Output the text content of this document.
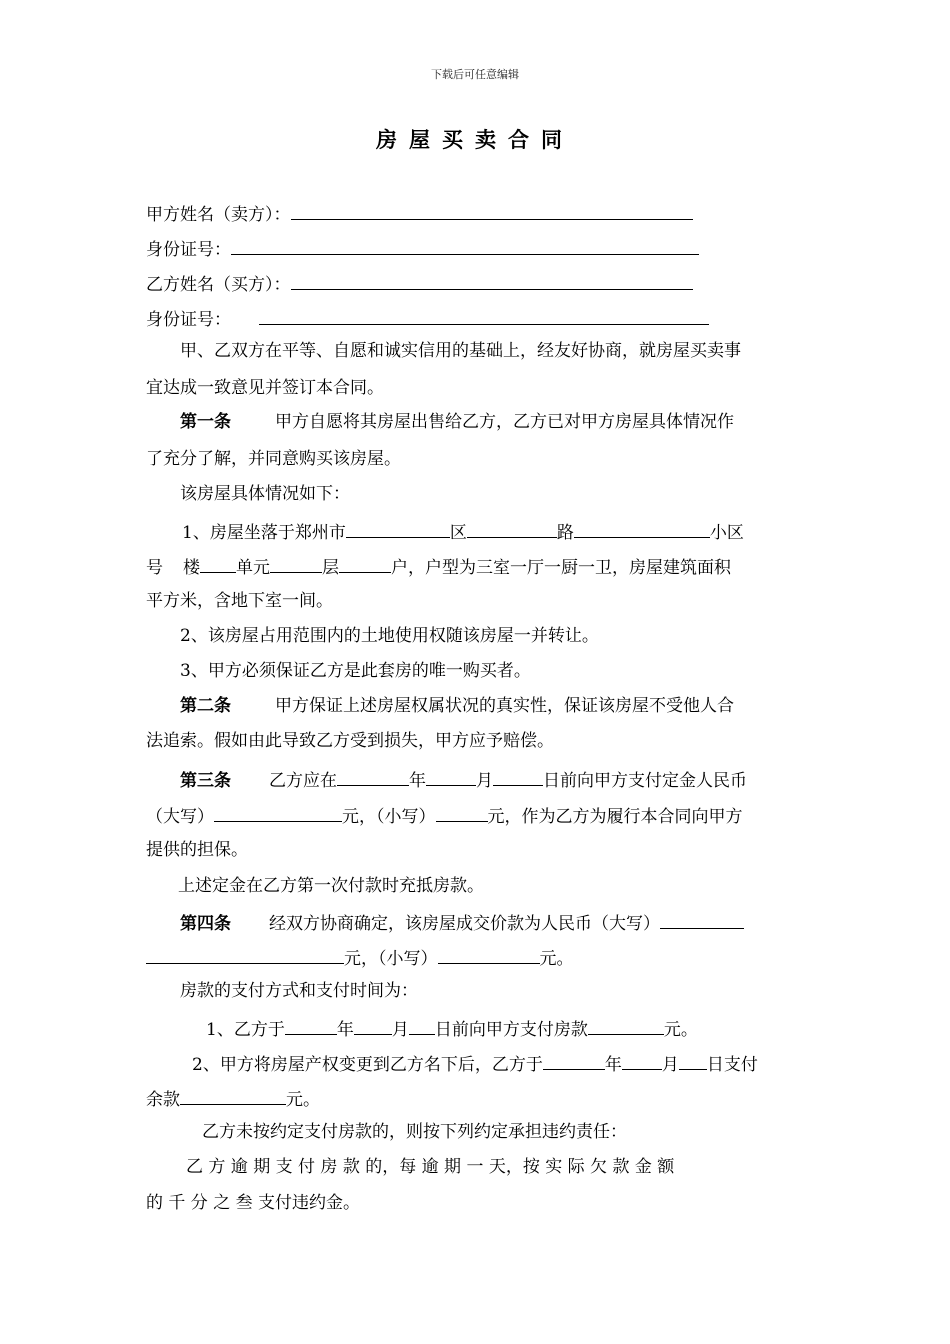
下载后可任意编辑
房屋买卖合同
甲方姓名（卖方）：
身份证号：
乙方姓名（买方）：
身份证号：
甲、乙双方在平等、自愿和诚实信用的基础上，经友好协商，就房屋买卖事
宜达成一致意见并签订本合同。
第一条	甲方自愿将其房屋出售给乙方，乙方已对甲方房屋具体情况作
了充分了解，并同意购买该房屋。
该房屋具体情况如下：
1、房屋坐落于郑州市	区	路	小区
号 楼 单元	层	户，户型为三室一厅一厨一卫，房屋建筑面积
平方米，含地下室一间。
2、该房屋占用范围内的土地使用权随该房屋一并转让。
3、甲方必须保证乙方是此套房的唯一购买者。
第二条	甲方保证上述房屋权属状况的真实性，保证该房屋不受他人合
法追索。假如由此导致乙方受到损失，甲方应予赔偿。
第三条 乙方应在	年	月	日前向甲方支付定金人民币
（大写）	元，（小写）	元，作为乙方为履行本合同向甲方
提供的担保。
上述定金在乙方第一次付款时充抵房款。
第四条 经双方协商确定，该房屋成交价款为人民币（大写）
元，（小写）	元。
房款的支付方式和支付时间为：
1、乙方于	年 月 日前向甲方支付房款	元。
2、甲方将房屋产权变更到乙方名下后，乙方于	年 月 日支付
余款	元。
乙方未按约定支付房款的，则按下列约定承担违约责任：
乙 方 逾 期 支 付 房 款 的，每 逾 期 一 天，按 实 际 欠 款 金 额
的 千 分 之 叁 支付违约金。
